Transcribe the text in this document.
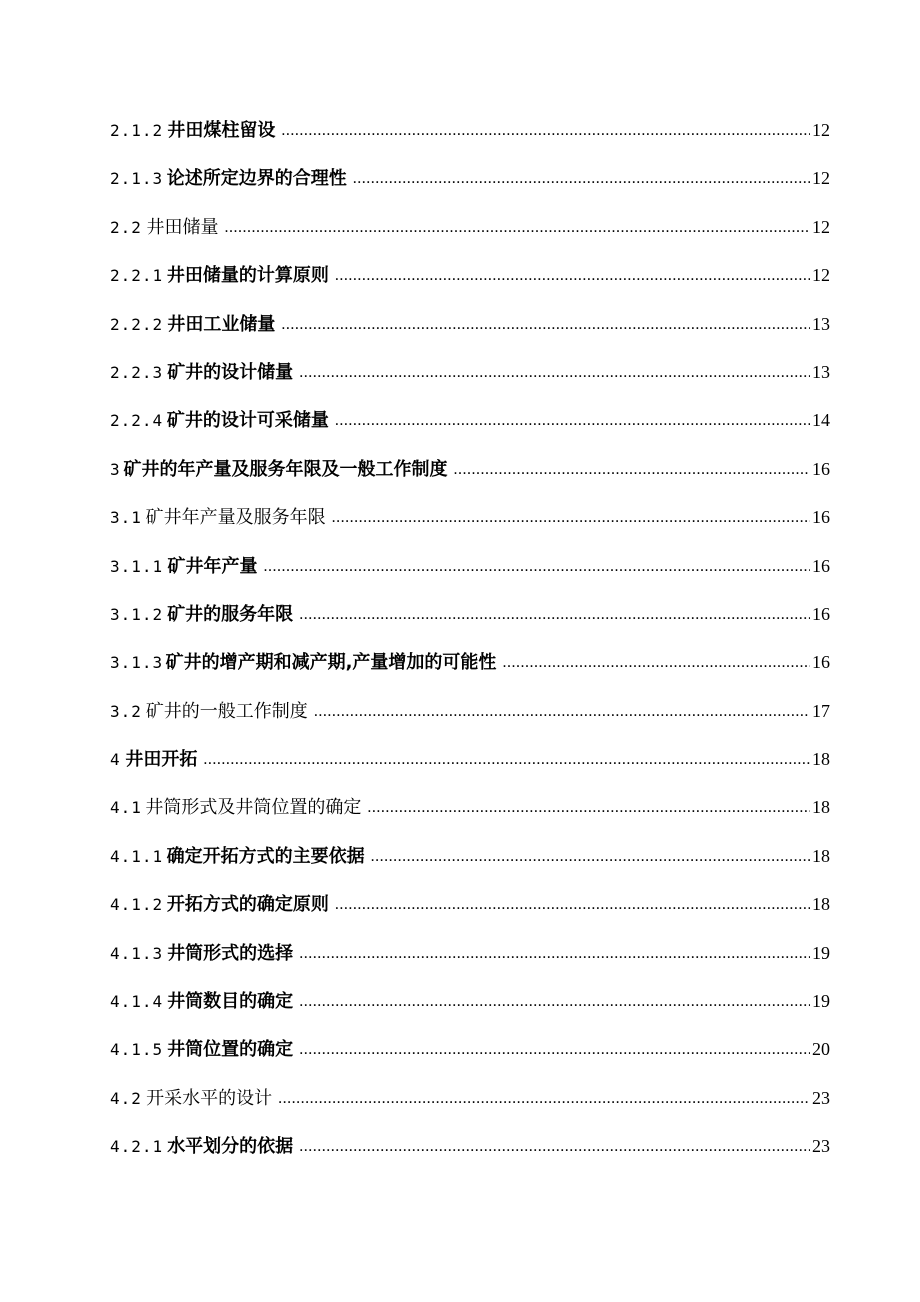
2.1.2 井田煤柱留设 .....	12
2.1.3 论述所定边界的合理性 .....	12
2.2 井田储量 .....	12
2.2.1 井田储量的计算原则 .....	12
2.2.2 井田工业储量 .....	13
2.2.3 矿井的设计储量 .....	13
2.2.4 矿井的设计可采储量 .....	14
3 矿井的年产量及服务年限及一般工作制度 .....	16
3.1 矿井年产量及服务年限 .....	16
3.1.1 矿井年产量 .....	16
3.1.2 矿井的服务年限 .....	16
3.1.3 矿井的增产期和减产期,产量增加的可能性 .....	16
3.2 矿井的一般工作制度 .....	17
4 井田开拓 .....	18
4.1 井筒形式及井筒位置的确定 .....	18
4.1.1 确定开拓方式的主要依据 .....	18
4.1.2 开拓方式的确定原则 .....	18
4.1.3 井筒形式的选择 .....	19
4.1.4 井筒数目的确定 .....	19
4.1.5 井筒位置的确定 .....	20
4.2 开采水平的设计 .....	23
4.2.1 水平划分的依据 .....	23
